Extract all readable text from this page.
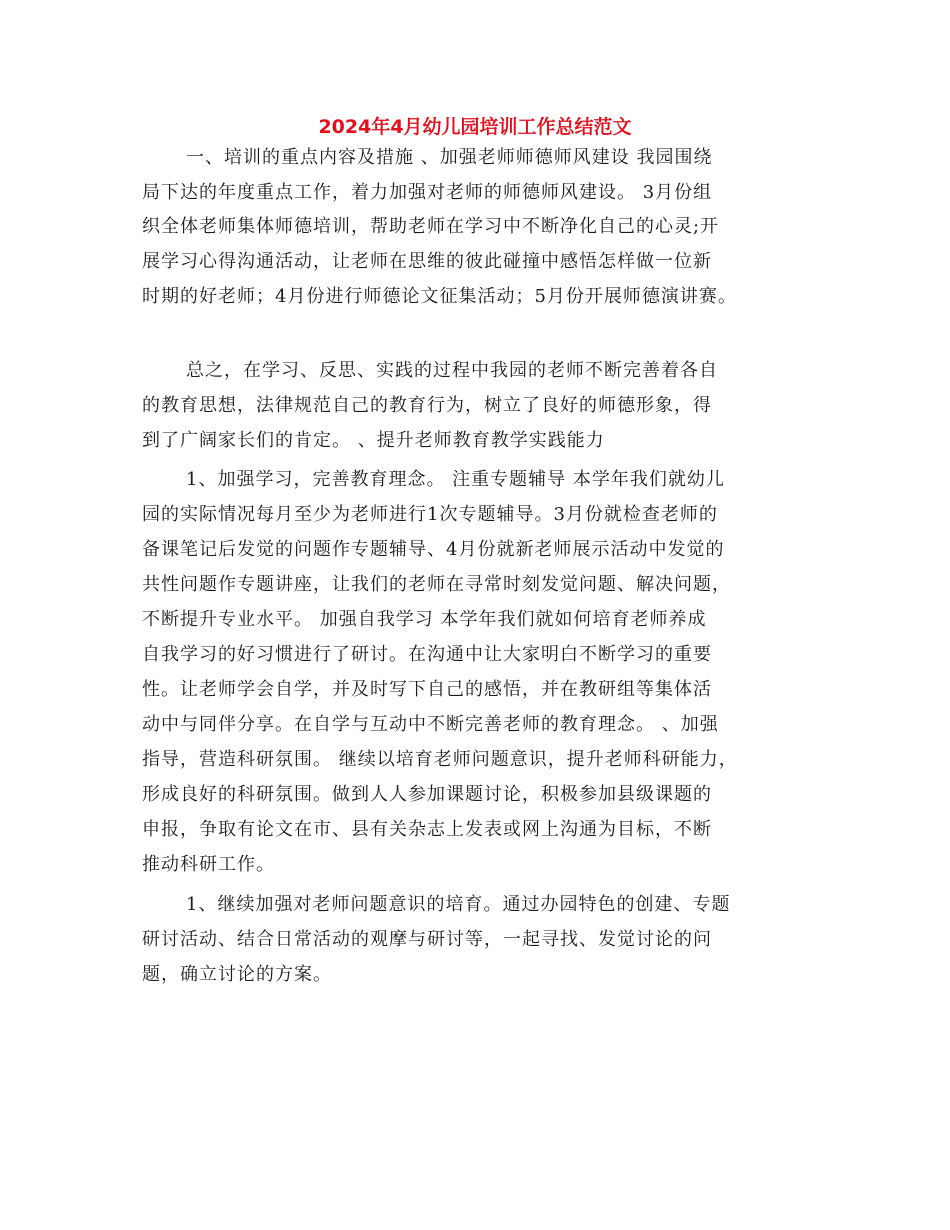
2024年4月幼儿园培训工作总结范文
一、培训的重点内容及措施 、加强老师师德师风建设 我园围绕
局下达的年度重点工作，着力加强对老师的师德师风建设。 3月份组
织全体老师集体师德培训，帮助老师在学习中不断净化自己的心灵;开
展学习心得沟通活动，让老师在思维的彼此碰撞中感悟怎样做一位新
时期的好老师；4月份进行师德论文征集活动；5月份开展师德演讲赛。
总之，在学习、反思、实践的过程中我园的老师不断完善着各自
的教育思想，法律规范自己的教育行为，树立了良好的师德形象，得
到了广阔家长们的肯定。 、提升老师教育教学实践能力
1、加强学习，完善教育理念。 注重专题辅导 本学年我们就幼儿
园的实际情况每月至少为老师进行1次专题辅导。3月份就检查老师的
备课笔记后发觉的问题作专题辅导、4月份就新老师展示活动中发觉的
共性问题作专题讲座，让我们的老师在寻常时刻发觉问题、解决问题，
不断提升专业水平。 加强自我学习 本学年我们就如何培育老师养成
自我学习的好习惯进行了研讨。在沟通中让大家明白不断学习的重要
性。让老师学会自学，并及时写下自己的感悟，并在教研组等集体活
动中与同伴分享。在自学与互动中不断完善老师的教育理念。 、加强
指导，营造科研氛围。 继续以培育老师问题意识，提升老师科研能力，
形成良好的科研氛围。做到人人参加课题讨论，积极参加县级课题的
申报，争取有论文在市、县有关杂志上发表或网上沟通为目标，不断
推动科研工作。
1、继续加强对老师问题意识的培育。通过办园特色的创建、专题
研讨活动、结合日常活动的观摩与研讨等，一起寻找、发觉讨论的问
题，确立讨论的方案。
